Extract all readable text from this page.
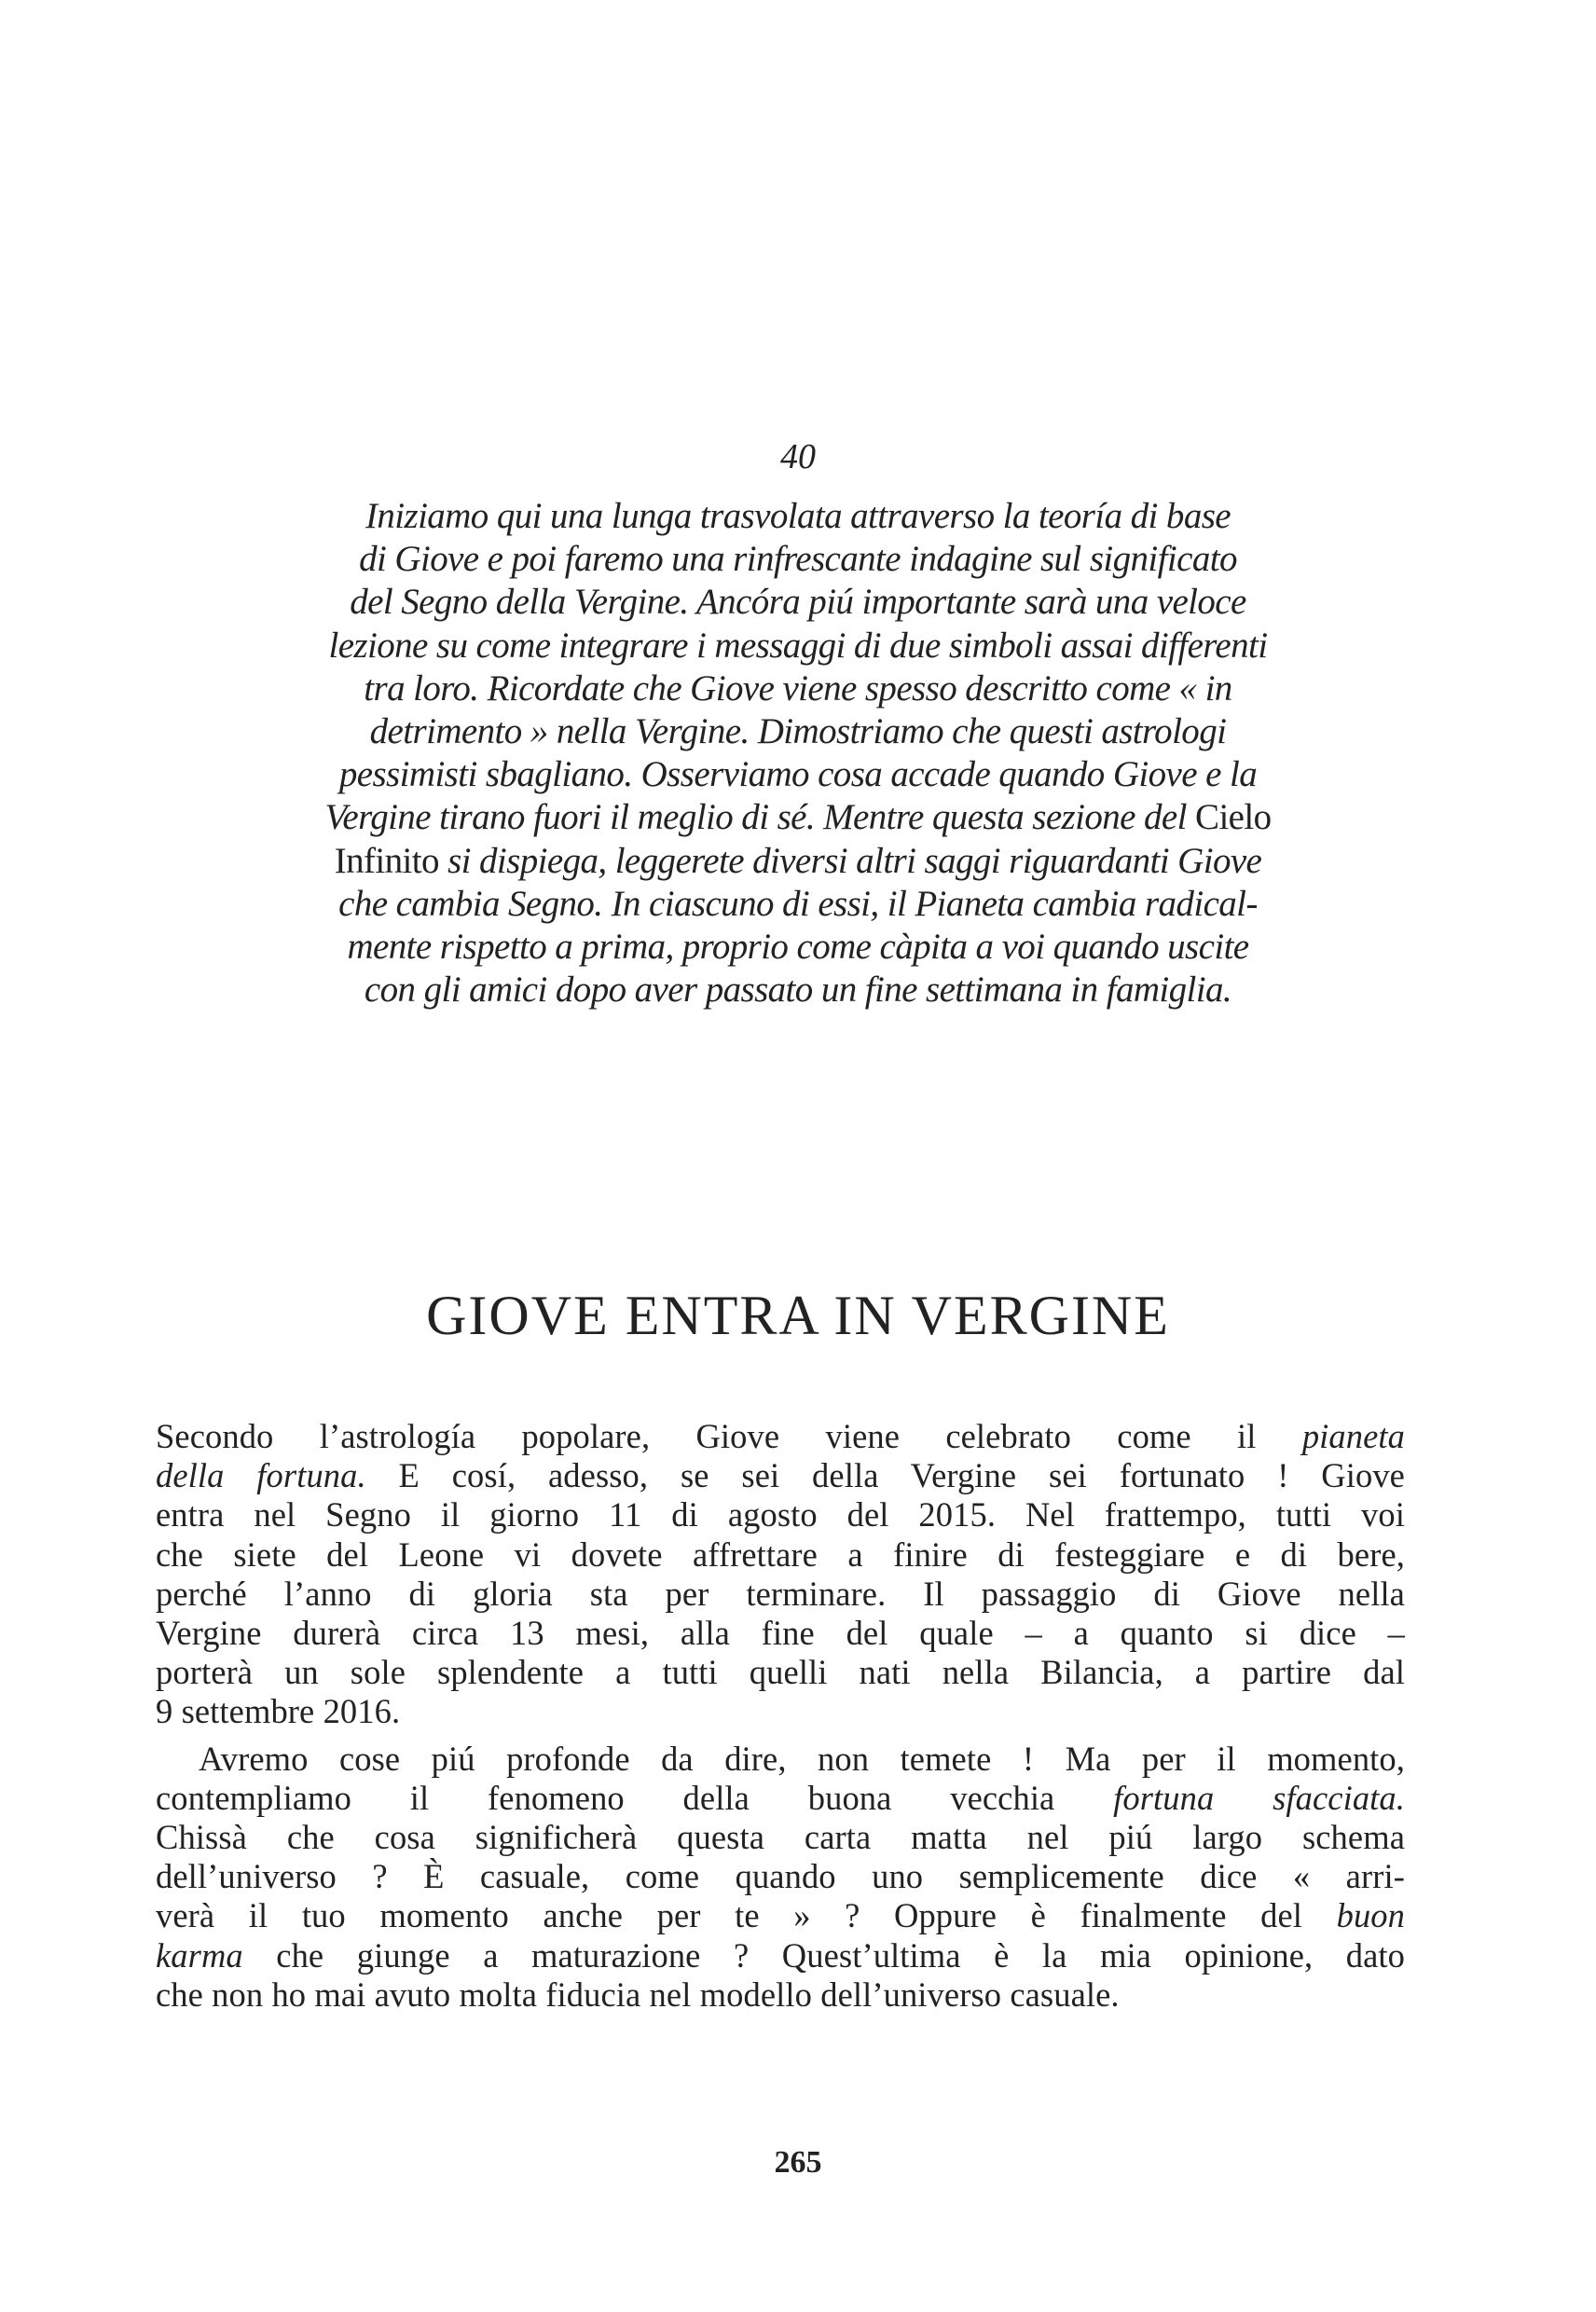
40

Iniziamo qui una lunga trasvolata attraverso la teoría di base
di Giove e poi faremo una rinfrescante indagine sul significato
del Segno della Vergine. Ancóra piú importante sarà una veloce
lezione su come integrare i messaggi di due simboli assai differenti
tra loro. Ricordate che Giove viene spesso descritto come « in
detrimento » nella Vergine. Dimostriamo che questi astrologi
pessimisti sbagliano. Osserviamo cosa accade quando Giove e la
Vergine tirano fuori il meglio di sé. Mentre questa sezione del Cielo
Infinito si dispiega, leggerete diversi altri saggi riguardanti Giove
che cambia Segno. In ciascuno di essi, il Pianeta cambia radical-
mente rispetto a prima, proprio come càpita a voi quando uscite
con gli amici dopo aver passato un fine settimana in famiglia.
GIOVE ENTRA IN VERGINE

Secondo l’astrología popolare, Giove viene celebrato come il pianeta
della fortuna. E cosí, adesso, se sei della Vergine sei fortunato ! Giove
entra nel Segno il giorno 11 di agosto del 2015. Nel frattempo, tutti voi
che siete del Leone vi dovete affrettare a finire di festeggiare e di bere,
perché l’anno di gloria sta per terminare. Il passaggio di Giove nella
Vergine durerà circa 13 mesi, alla fine del quale – a quanto si dice –
porterà un sole splendente a tutti quelli nati nella Bilancia, a partire dal
9 settembre 2016.

Avremo cose piú profonde da dire, non temete ! Ma per il momento,
contempliamo il fenomeno della buona vecchia fortuna sfacciata.
Chissà che cosa significherà questa carta matta nel piú largo schema
dell’universo ? È casuale, come quando uno semplicemente dice « arri-
verà il tuo momento anche per te » ? Oppure è finalmente del buon
karma che giunge a maturazione ? Quest’ultima è la mia opinione, dato
che non ho mai avuto molta fiducia nel modello dell’universo casuale.

265
